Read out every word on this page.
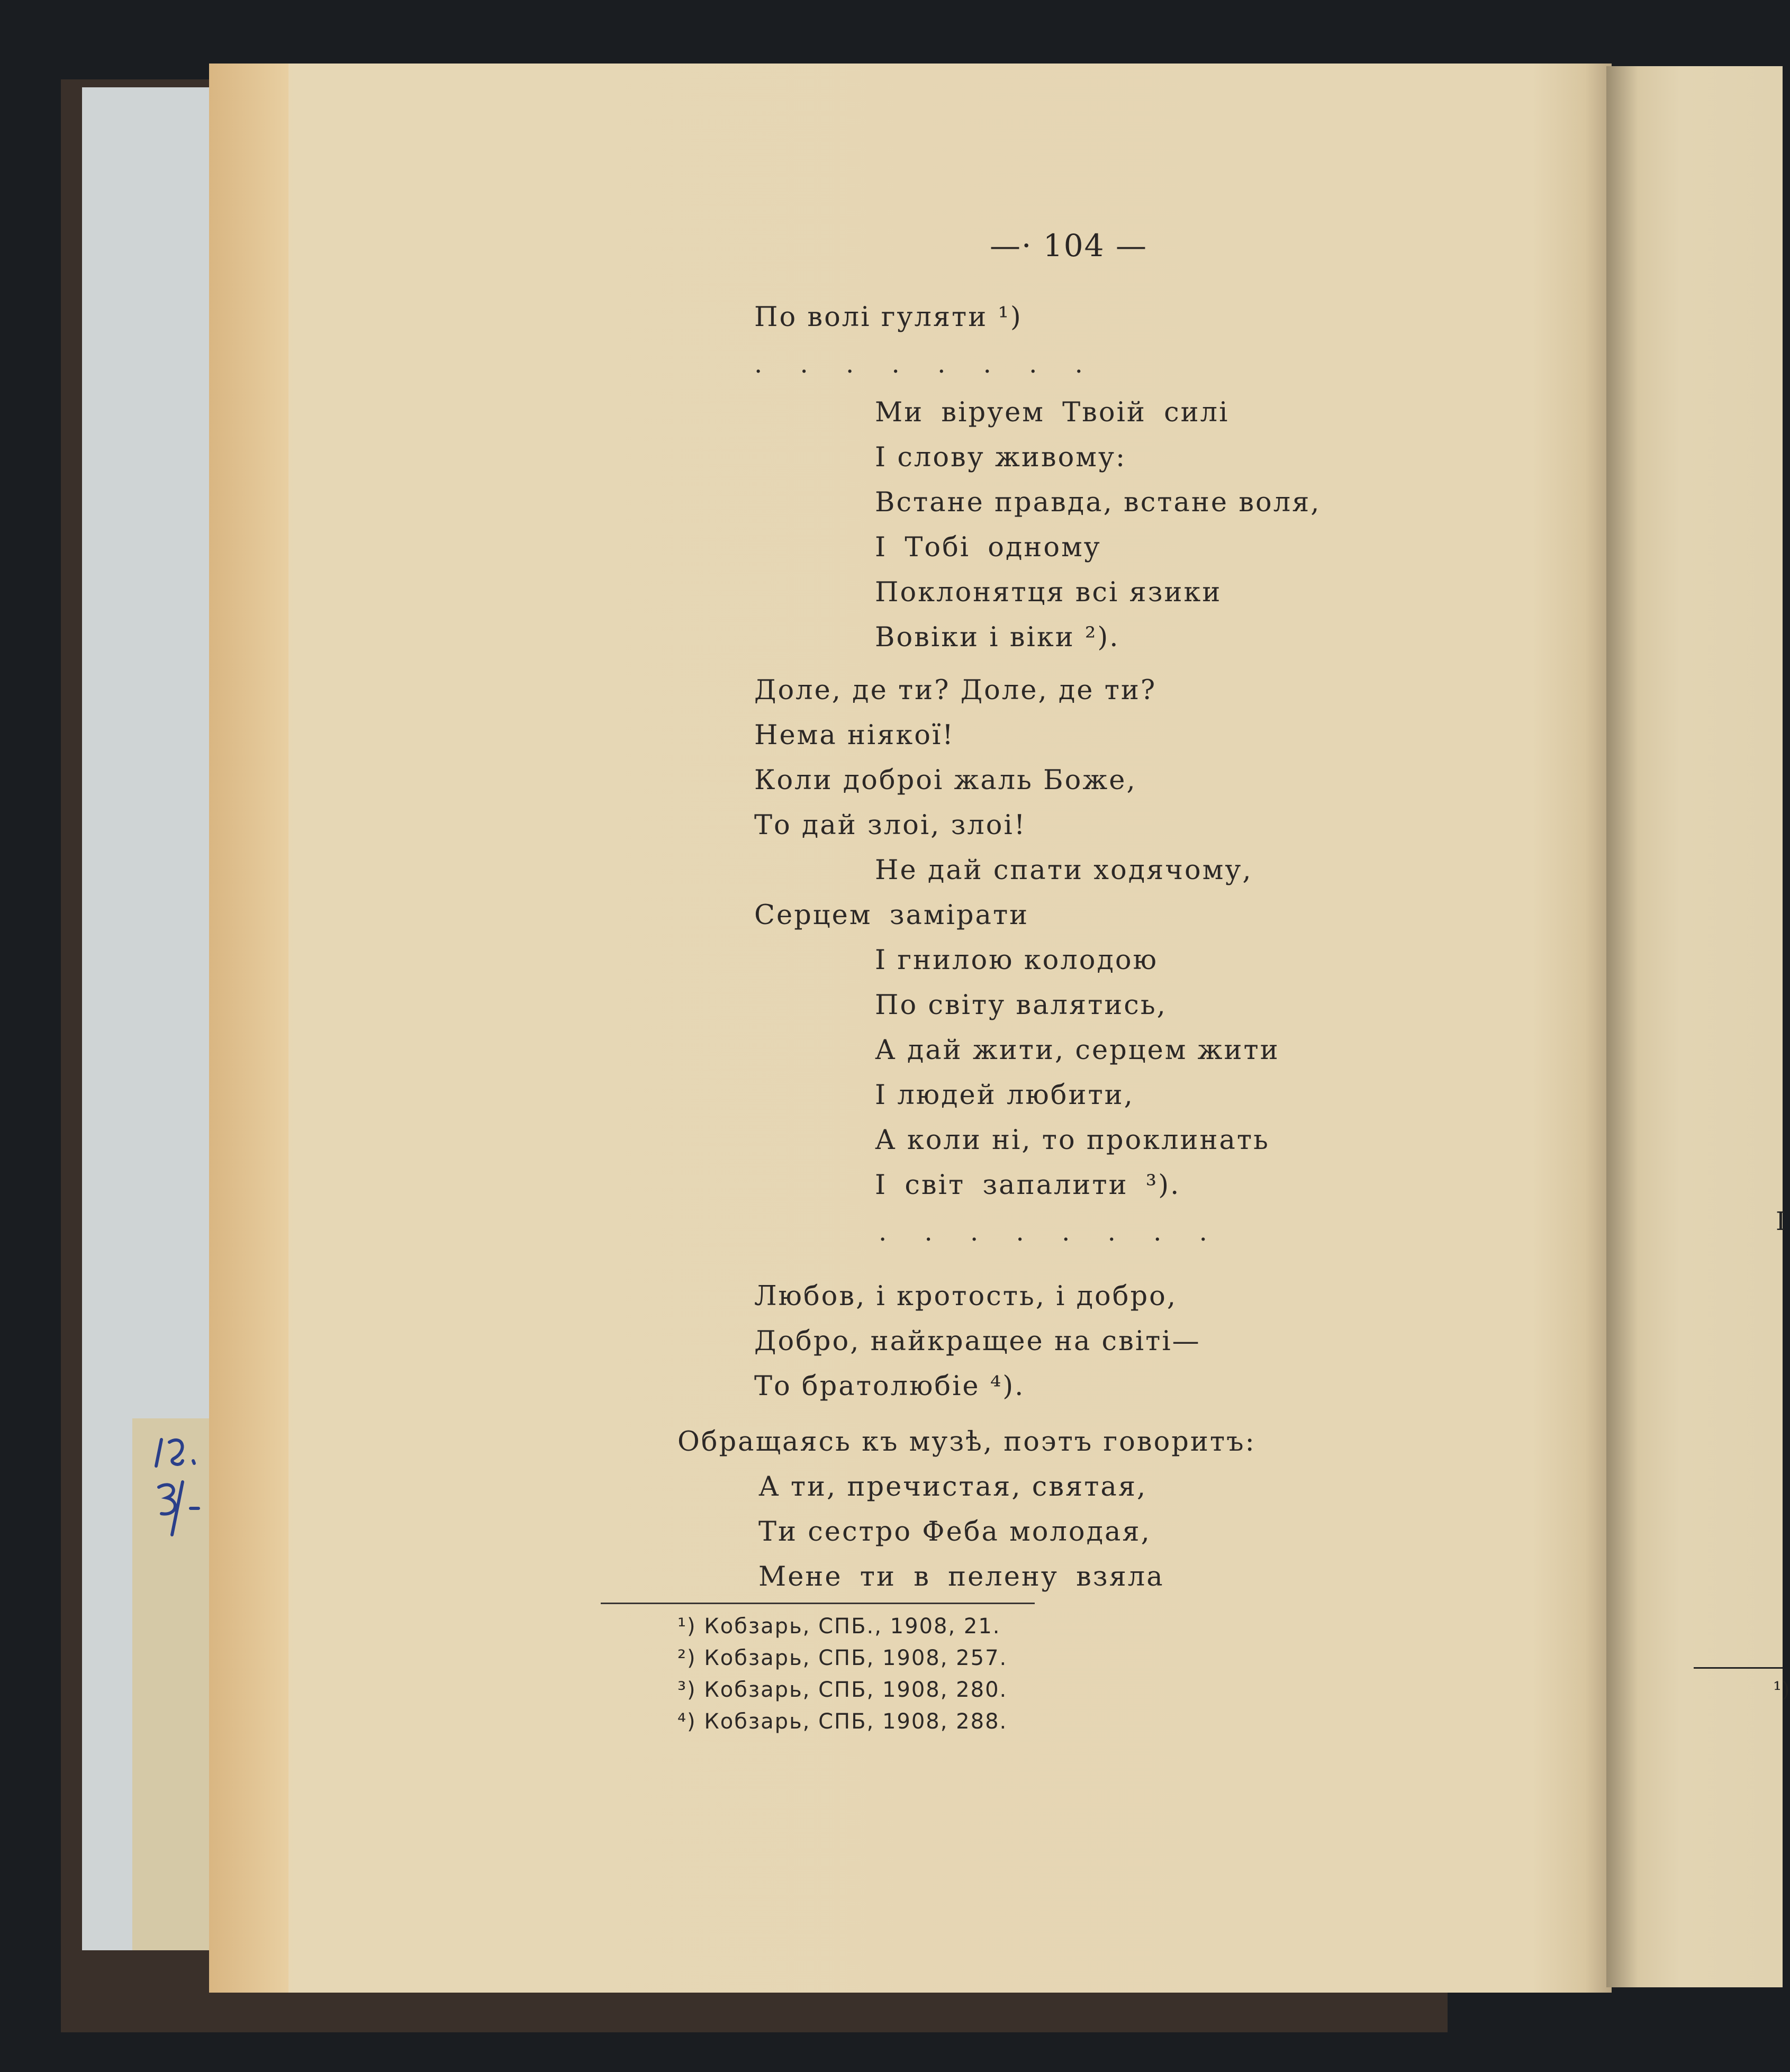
¹)
І
—· 104 —
По волі гуляти ¹)
. . . . . . . .
Ми віруем Твоій силі
І слову живому:
Встане правда, встане воля,
І Тобі одному
Поклонятця всі язики
Вовіки і віки ²).
Доле, де ти? Доле, де ти?
Нема ніякої!
Коли доброі жаль Боже,
То дай злоі, злоі!
Не дай спати ходячому,
Серцем замірати
І гнилою колодою
По світу валятись,
А дай жити, серцем жити
І людей любити,
А коли ні, то проклинать
І світ запалити ³).
. . . . . . . .
Любов, і кротость, і добро,
Добро, найкращее на світі—
То братолюбіе ⁴).
Обращаясь къ музѣ, поэтъ говоритъ:
А ти, пречистая, святая,
Ти сестро Феба молодая,
Мене ти в пелену взяла
¹) Кобзарь, СПБ., 1908, 21.
²) Кобзарь, СПБ, 1908, 257.
³) Кобзарь, СПБ, 1908, 280.
⁴) Кобзарь, СПБ, 1908, 288.
